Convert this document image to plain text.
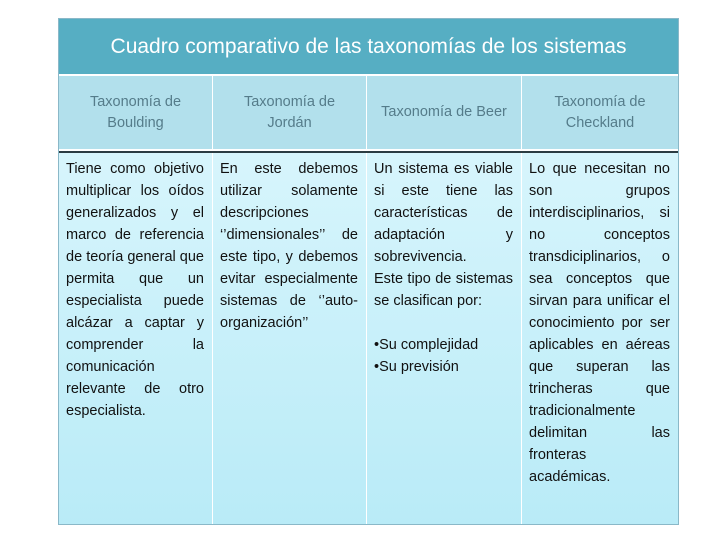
Cuadro comparativo de las taxonomías de los sistemas
Taxonomía de Boulding
Taxonomía de Jordán
Taxonomía de Beer
Taxonomía de Checkland
Tiene como objetivo multiplicar los oídos generalizados y el marco de referencia de teoría general que permita que un especialista puede alcázar a captar y comprender la comunicación relevante de otro especialista.
En este debemos utilizar solamente descripciones ‘’dimensionales’’ de este tipo, y debemos evitar especialmente sistemas de ‘’auto-organización’’
Un sistema es viable si este tiene las características de adaptación y sobrevivencia.
Este tipo de sistemas se clasifican por:
•Su complejidad
•Su previsión
Lo que necesitan no son grupos interdisciplinarios, si no conceptos transdiciplinarios, o sea conceptos que sirvan para unificar el conocimiento por ser aplicables en aéreas que superan las trincheras que tradicionalmente delimitan las fronteras académicas.
